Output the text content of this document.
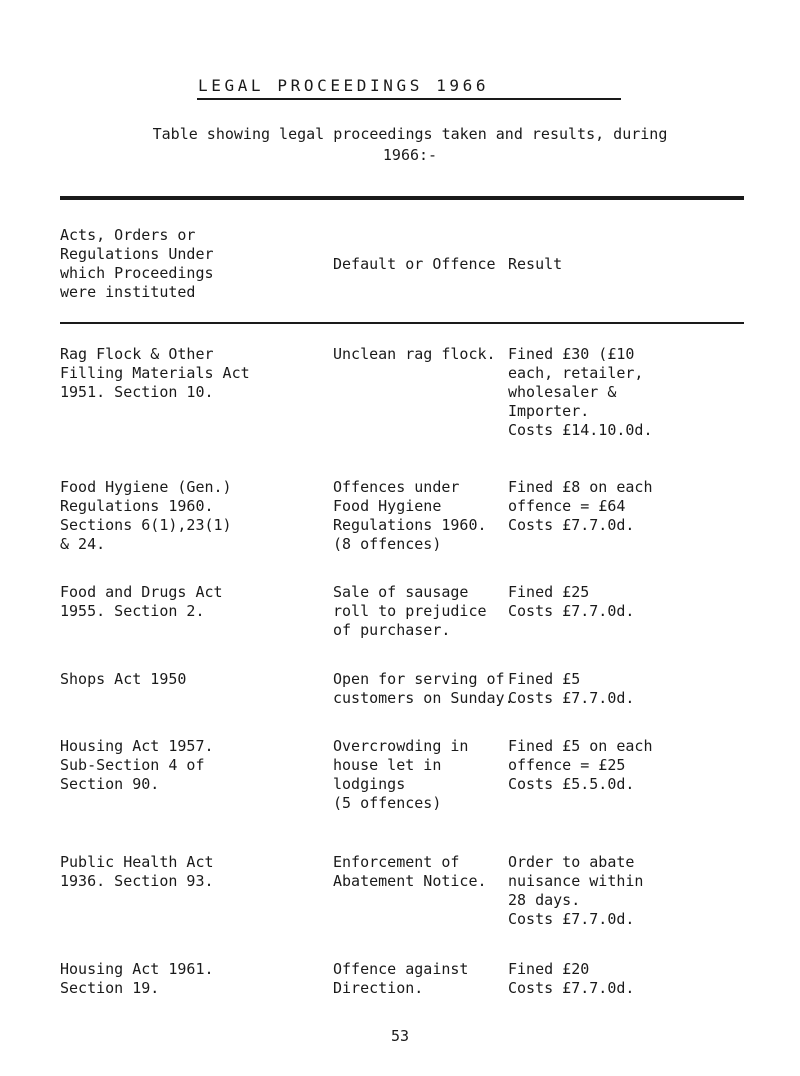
LEGAL PROCEEDINGS 1966
Table showing legal proceedings taken and results, during
1966:-
Acts, Orders or
Regulations Under
which Proceedings
were instituted
Default or Offence Result
Rag Flock & Other
Filling Materials Act
1951. Section 10.
Unclean rag flock. Fined £30 (£10
each, retailer,
wholesaler &
Importer.
Costs £14.10.0d.
Food Hygiene (Gen.)
Regulations 1960.
Sections 6(1),23(1)
& 24.
Offences under
Food Hygiene
Regulations 1960.
(8 offences)
Fined £8 on each
offence = £64
Costs £7.7.0d.
Food and Drugs Act
1955. Section 2.
Sale of sausage
roll to prejudice
of purchaser.
Fined £25
Costs £7.7.0d.
Shops Act 1950	Open for serving of
customers on Sunday.
Fined £5
Costs £7.7.0d.
Housing Act 1957.
Sub-Section 4 of
Section 90.
Overcrowding in
house let in
lodgings
(5 offences)
Fined £5 on each
offence = £25
Costs £5.5.0d.
Public Health Act
1936. Section 93.
Enforcement of
Abatement Notice.
Order to abate
nuisance within
28 days.
Costs £7.7.0d.
Housing Act 1961.
Section 19.
Offence against
Direction.
Fined £20
Costs £7.7.0d.
53
